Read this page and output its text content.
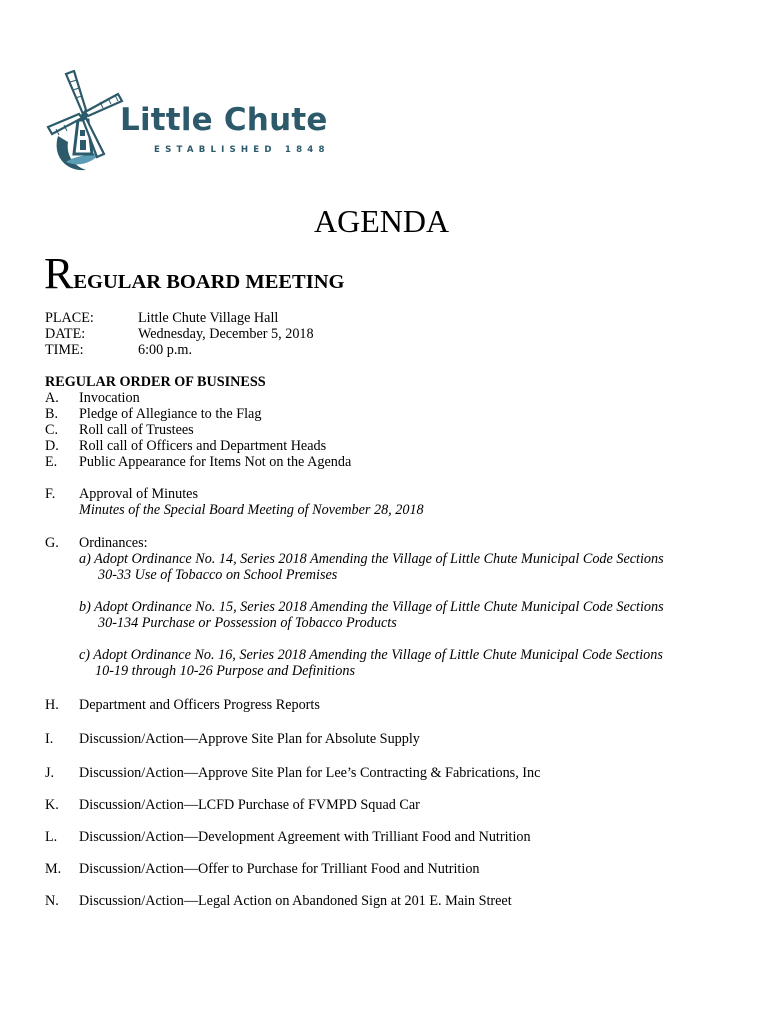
Little Chute
ESTABLISHED 1848
AGENDA
REGULAR BOARD MEETING
PLACE:	Little Chute Village Hall
DATE:	Wednesday, December 5, 2018
TIME:	6:00 p.m.
REGULAR ORDER OF BUSINESS
A. Invocation
B. Pledge of Allegiance to the Flag
C. Roll call of Trustees
D. Roll call of Officers and Department Heads
E. Public Appearance for Items Not on the Agenda
F. Approval of Minutes
Minutes of the Special Board Meeting of November 28, 2018
G. Ordinances:
a) Adopt Ordinance No. 14, Series 2018 Amending the Village of Little Chute Municipal Code Sections
30-33 Use of Tobacco on School Premises
b) Adopt Ordinance No. 15, Series 2018 Amending the Village of Little Chute Municipal Code Sections
30-134 Purchase or Possession of Tobacco Products
c) Adopt Ordinance No. 16, Series 2018 Amending the Village of Little Chute Municipal Code Sections
10-19 through 10-26 Purpose and Definitions
H. Department and Officers Progress Reports
I. Discussion/Action—Approve Site Plan for Absolute Supply
J. Discussion/Action—Approve Site Plan for Lee’s Contracting & Fabrications, Inc
K. Discussion/Action—LCFD Purchase of FVMPD Squad Car
L. Discussion/Action—Development Agreement with Trilliant Food and Nutrition
M. Discussion/Action—Offer to Purchase for Trilliant Food and Nutrition
N. Discussion/Action—Legal Action on Abandoned Sign at 201 E. Main Street
